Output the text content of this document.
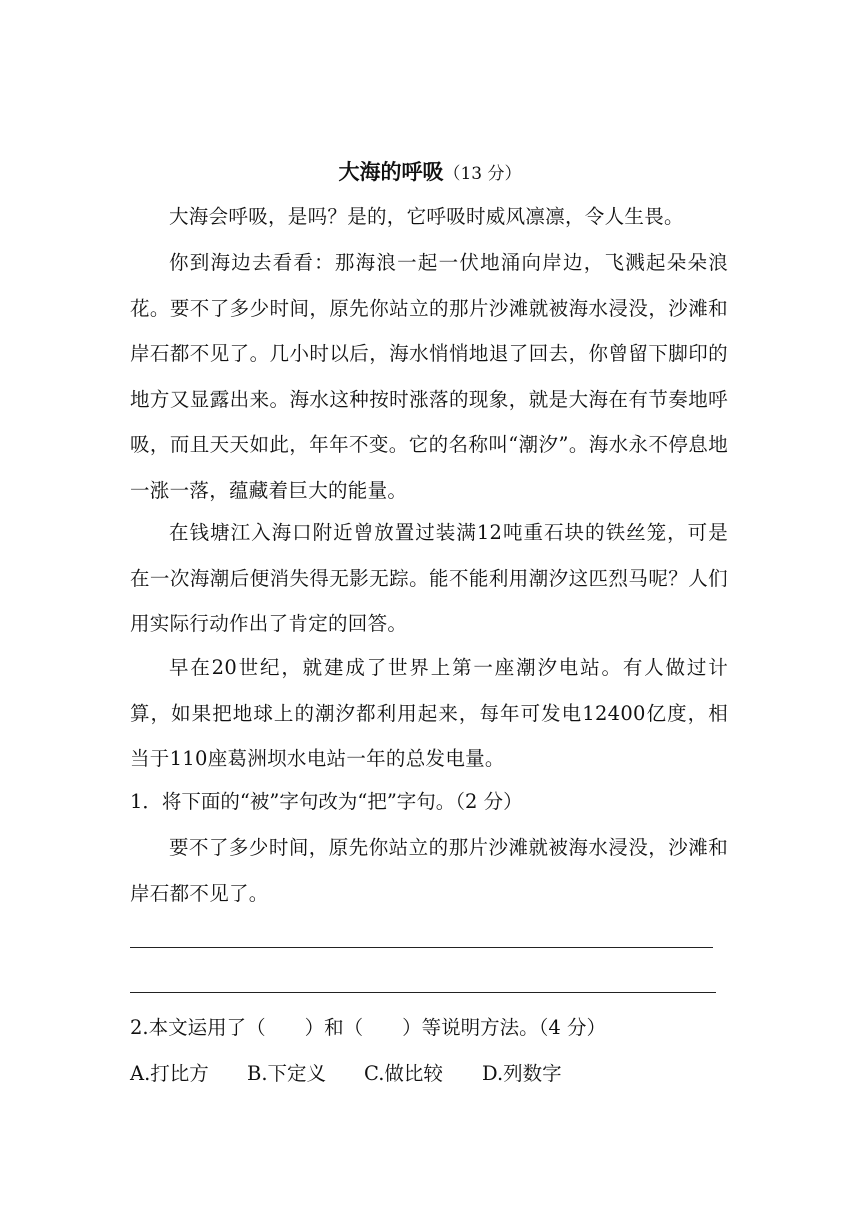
大海的呼吸（13 分）

大海会呼吸，是吗？是的，它呼吸时威风凛凛，令人生畏。

你到海边去看看：那海浪一起一伏地涌向岸边，飞溅起朵朵浪花。要不了多少时间，原先你站立的那片沙滩就被海水浸没，沙滩和岸石都不见了。几小时以后，海水悄悄地退了回去，你曾留下脚印的地方又显露出来。海水这种按时涨落的现象，就是大海在有节奏地呼吸，而且天天如此，年年不变。它的名称叫“潮汐”。海水永不停息地一涨一落，蕴藏着巨大的能量。

在钱塘江入海口附近曾放置过装满12吨重石块的铁丝笼，可是在一次海潮后便消失得无影无踪。能不能利用潮汐这匹烈马呢？人们用实际行动作出了肯定的回答。

早在20世纪，就建成了世界上第一座潮汐电站。有人做过计算，如果把地球上的潮汐都利用起来，每年可发电12400亿度，相当于110座葛洲坝水电站一年的总发电量。

1．将下面的“被”字句改为“把”字句。（2 分）

要不了多少时间，原先你站立的那片沙滩就被海水浸没，沙滩和岸石都不见了。

2.本文运用了（　　）和（　　）等说明方法。（4 分）

A.打比方 B.下定义 C.做比较 D.列数字
